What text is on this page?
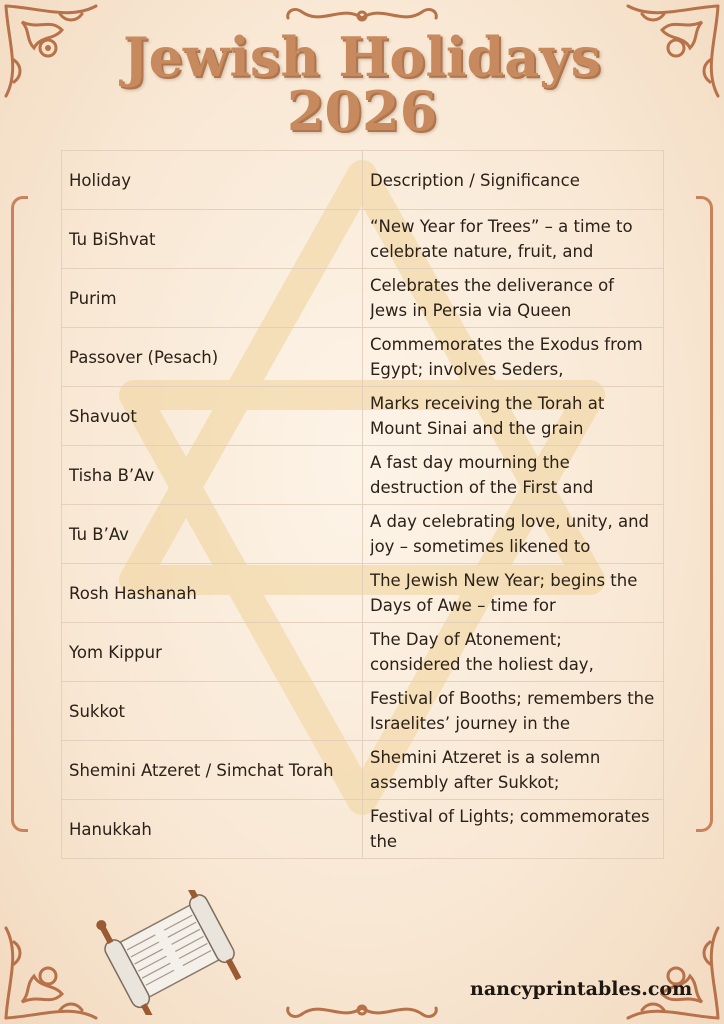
Jewish Holidays
2026
Holiday	Description / Significance
Tu BiShvat	“New Year for Trees” – a time to celebrate nature, fruit, and

Purim	Celebrates the deliverance of Jews in Persia via Queen

Passover (Pesach)	Commemorates the Exodus from Egypt; involves Seders,

Shavuot	Marks receiving the Torah at Mount Sinai and the grain

Tisha B’Av	A fast day mourning the destruction of the First and

Tu B’Av	A day celebrating love, unity, and joy – sometimes likened to

Rosh Hashanah	The Jewish New Year; begins the Days of Awe – time for

Yom Kippur	The Day of Atonement; considered the holiest day,

Sukkot	Festival of Booths; remembers the Israelites’ journey in the

Shemini Atzeret / Simchat Torah	Shemini Atzeret is a solemn assembly after Sukkot;

Hanukkah	Festival of Lights; commemorates the

nancyprintables.com
